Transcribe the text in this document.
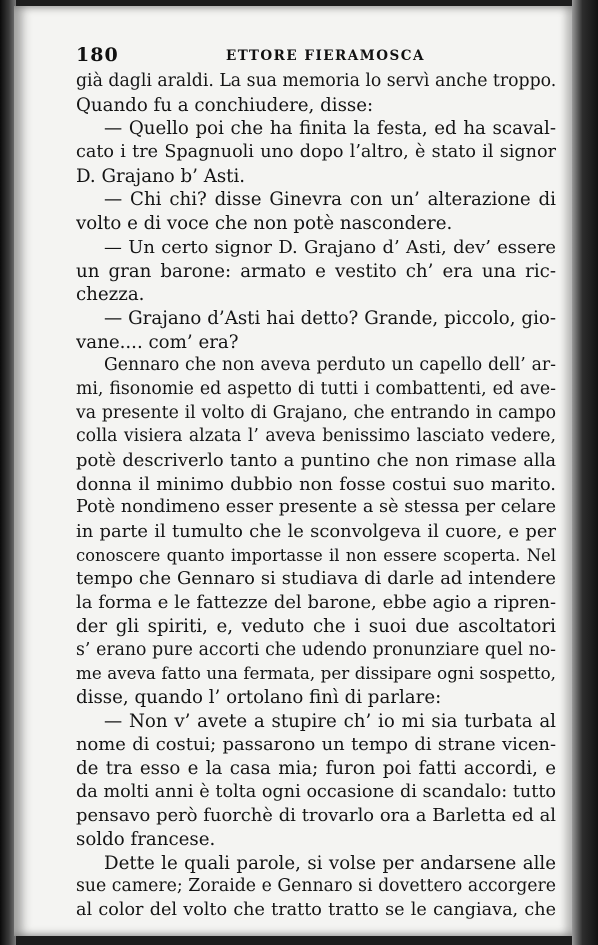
180	ETTORE FIERAMOSCA
già dagli araldi. La sua memoria lo servì anche troppo.
Quando fu a conchiudere, disse:
— Quello poi che ha finita la festa, ed ha scaval-
cato i tre Spagnuoli uno dopo l’altro, è stato il signor
D. Grajano b’ Asti.
— Chi chi? disse Ginevra con un’ alterazione di
volto e di voce che non potè nascondere.
— Un certo signor D. Grajano d’ Asti, dev’ essere
un gran barone: armato e vestito ch’ era una ric-
chezza.
— Grajano d’Asti hai detto? Grande, piccolo, gio-
vane.... com’ era?
Gennaro che non aveva perduto un capello dell’ ar-
mi, fisonomie ed aspetto di tutti i combattenti, ed ave-
va presente il volto di Grajano, che entrando in campo
colla visiera alzata l’ aveva benissimo lasciato vedere,
potè descriverlo tanto a puntino che non rimase alla
donna il minimo dubbio non fosse costui suo marito.
Potè nondimeno esser presente a sè stessa per celare
in parte il tumulto che le sconvolgeva il cuore, e per
conoscere quanto importasse il non essere scoperta. Nel
tempo che Gennaro si studiava di darle ad intendere
la forma e le fattezze del barone, ebbe agio a ripren-
der gli spiriti, e, veduto che i suoi due ascoltatori
s’ erano pure accorti che udendo pronunziare quel no-
me aveva fatto una fermata, per dissipare ogni sospetto,
disse, quando l’ ortolano finì di parlare:
— Non v’ avete a stupire ch’ io mi sia turbata al
nome di costui; passarono un tempo di strane vicen-
de tra esso e la casa mia; furon poi fatti accordi, e
da molti anni è tolta ogni occasione di scandalo: tutto
pensavo però fuorchè di trovarlo ora a Barletta ed al
soldo francese.
Dette le quali parole, si volse per andarsene alle
sue camere; Zoraide e Gennaro si dovettero accorgere
al color del volto che tratto tratto se le cangiava, che
